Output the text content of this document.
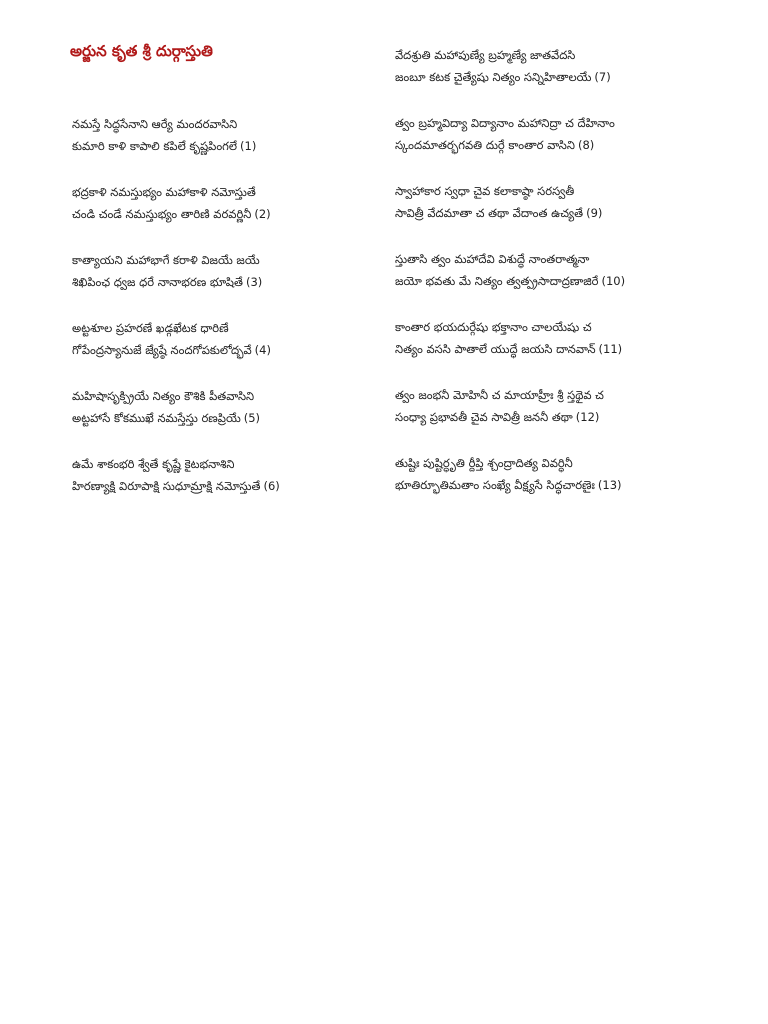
అర్జున కృత శ్రీ దుర్గాస్తుతి
నమస్తే సిద్ధసేనాని ఆర్యే మందరవాసిని
కుమారి కాళి కాపాలి కపిలే కృష్ణపింగలే (1)
భద్రకాళి నమస్తుభ్యం మహాకాళి నమోస్తుతే
చండి చండే నమస్తుభ్యం తారిణి వరవర్ణినీ (2)
కాత్యాయని మహాభాగే కరాళి విజయే జయే
శిఖిపింఛ ధ్వజ ధరే నానాభరణ భూషితే (3)
అట్టశూల ప్రహరణే ఖడ్గఖేటక ధారిణే
గోపేంద్రస్యానుజే జ్యేష్ఠే నందగోపకులోద్భవే (4)
మహిషాసృక్ప్రియే నిత్యం కౌశికి పీతవాసిని
అట్టహాసే కోకముఖే నమస్తేస్తు రణప్రియే (5)
ఉమే శాకంభరి శ్వేతే కృష్ణే కైటభనాశిని
హిరణ్యాక్షి విరూపాక్షి సుధూమ్రాక్షి నమోస్తుతే (6)
వేదశ్రుతి మహాపుణ్యే బ్రహ్మణ్యే జాతవేదసి
జంబూ కటక చైత్యేషు నిత్యం సన్నిహితాలయే (7)
త్వం బ్రహ్మవిద్యా విద్యానాం మహానిద్రా చ దేహినాం
స్కందమాతర్భగవతి దుర్గే కాంతార వాసిని (8)
స్వాహాకార స్వధా చైవ కలాకాష్ఠా సరస్వతీ
సావిత్రీ వేదమాతా చ తథా వేదాంత ఉచ్యతే (9)
స్తుతాసి త్వం మహాదేవి విశుద్ధే నాంతరాత్మనా
జయో భవతు మే నిత్యం త్వత్ప్రసాదాద్రణాజిరే (10)
కాంతార భయదుర్గేషు భక్తానాం చాలయేషు చ
నిత్యం వససి పాతాలే యుద్ధే జయసి దానవాన్ (11)
త్వం జంభనీ మోహినీ చ మాయాహ్రీః శ్రీ స్తథైవ చ
సంధ్యా ప్రభావతీ చైవ సావిత్రీ జననీ తథా (12)
తుష్టిః పుష్టిర్ధృతి ర్దీప్తి శ్చంద్రాదిత్య వివర్ధినీ
భూతిర్భూతిమతాం సంఖ్యే వీక్ష్యసే సిద్ధచారణైః (13)
